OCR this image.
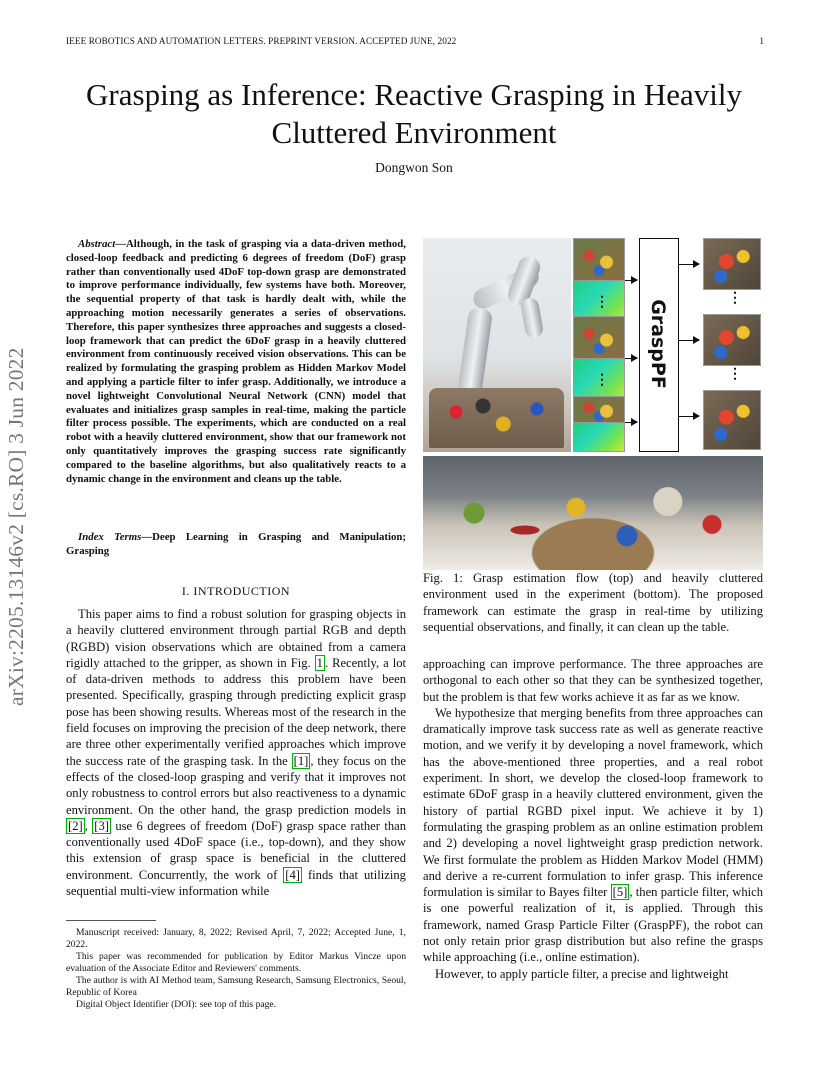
IEEE ROBOTICS AND AUTOMATION LETTERS. PREPRINT VERSION. ACCEPTED JUNE, 2022	1
arXiv:2205.13146v2 [cs.RO] 3 Jun 2022
Grasping as Inference: Reactive Grasping in Heavily Cluttered Environment
Dongwon Son

Abstract—Although, in the task of grasping via a data-driven method, closed-loop feedback and predicting 6 degrees of freedom (DoF) grasp rather than conventionally used 4DoF top-down grasp are demonstrated to improve performance individually, few systems have both. Moreover, the sequential property of that task is hardly dealt with, while the approaching motion necessarily generates a series of observations. Therefore, this paper synthesizes three approaches and suggests a closed-loop framework that can predict the 6DoF grasp in a heavily cluttered environment from continuously received vision observations. This can be realized by formulating the grasping problem as Hidden Markov Model and applying a particle filter to infer grasp. Additionally, we introduce a novel lightweight Convolutional Neural Network (CNN) model that evaluates and initializes grasp samples in real-time, making the particle filter process possible. The experiments, which are conducted on a real robot with a heavily cluttered environment, show that our framework not only quantitatively improves the grasping success rate significantly compared to the baseline algorithms, but also qualitatively reacts to a dynamic change in the environment and cleans up the table.

Index Terms—Deep Learning in Grasping and Manipulation; Grasping

I. INTRODUCTION

This paper aims to find a robust solution for grasping objects in a heavily cluttered environment through partial RGB and depth (RGBD) vision observations which are obtained from a camera rigidly attached to the gripper, as shown in Fig. 1 . Recently, a lot of data-driven methods to address this problem have been presented. Specifically, grasping through predicting explicit grasp pose has been showing results. Whereas most of the research in the field focuses on improving the precision of the deep network, there are three other experimentally verified approaches which improve the success rate of the grasping task. In the [1] , they focus on the effects of the closed-loop grasping and verify that it improves not only robustness to control errors but also reactiveness to a dynamic environment. On the other hand, the grasp prediction models in [2] , [3] use 6 degrees of freedom (DoF) grasp space rather than conventionally used 4DoF space (i.e., top-down), and they show this extension of grasp space is beneficial in the cluttered environment. Concurrently, the work of [4] finds that utilizing sequential multi-view information while

Manuscript received: January, 8, 2022; Revised April, 7, 2022; Accepted June, 1, 2022.

This paper was recommended for publication by Editor Markus Vincze upon evaluation of the Associate Editor and Reviewers' comments.

The author is with AI Method team, Samsung Research, Samsung Electronics, Seoul, Republic of Korea

Digital Object Identifier (DOI): see top of this page.

⋮
⋮ GraspPF
⋮
⋮
Fig. 1: Grasp estimation flow (top) and heavily cluttered environment used in the experiment (bottom). The proposed framework can estimate the grasp in real-time by utilizing sequential observations, and finally, it can clean up the table.

approaching can improve performance. The three approaches are orthogonal to each other so that they can be synthesized together, but the problem is that few works achieve it as far as we know.

We hypothesize that merging benefits from three approaches can dramatically improve task success rate as well as generate reactive motion, and we verify it by developing a novel framework, which has the above-mentioned three properties, and a real robot experiment. In short, we develop the closed-loop framework to estimate 6DoF grasp in a heavily cluttered environment, given the history of partial RGBD pixel input. We achieve it by 1) formulating the grasping problem as an online estimation problem and 2) developing a novel lightweight grasp prediction network. We first formulate the problem as Hidden Markov Model (HMM) and derive a re-current formulation to infer grasp. This inference formulation is similar to Bayes filter [5] , then particle filter, which is one powerful realization of it, is applied. Through this framework, named Grasp Particle Filter (GraspPF), the robot can not only retain prior grasp distribution but also refine the grasps while approaching (i.e., online estimation).

However, to apply particle filter, a precise and lightweight
